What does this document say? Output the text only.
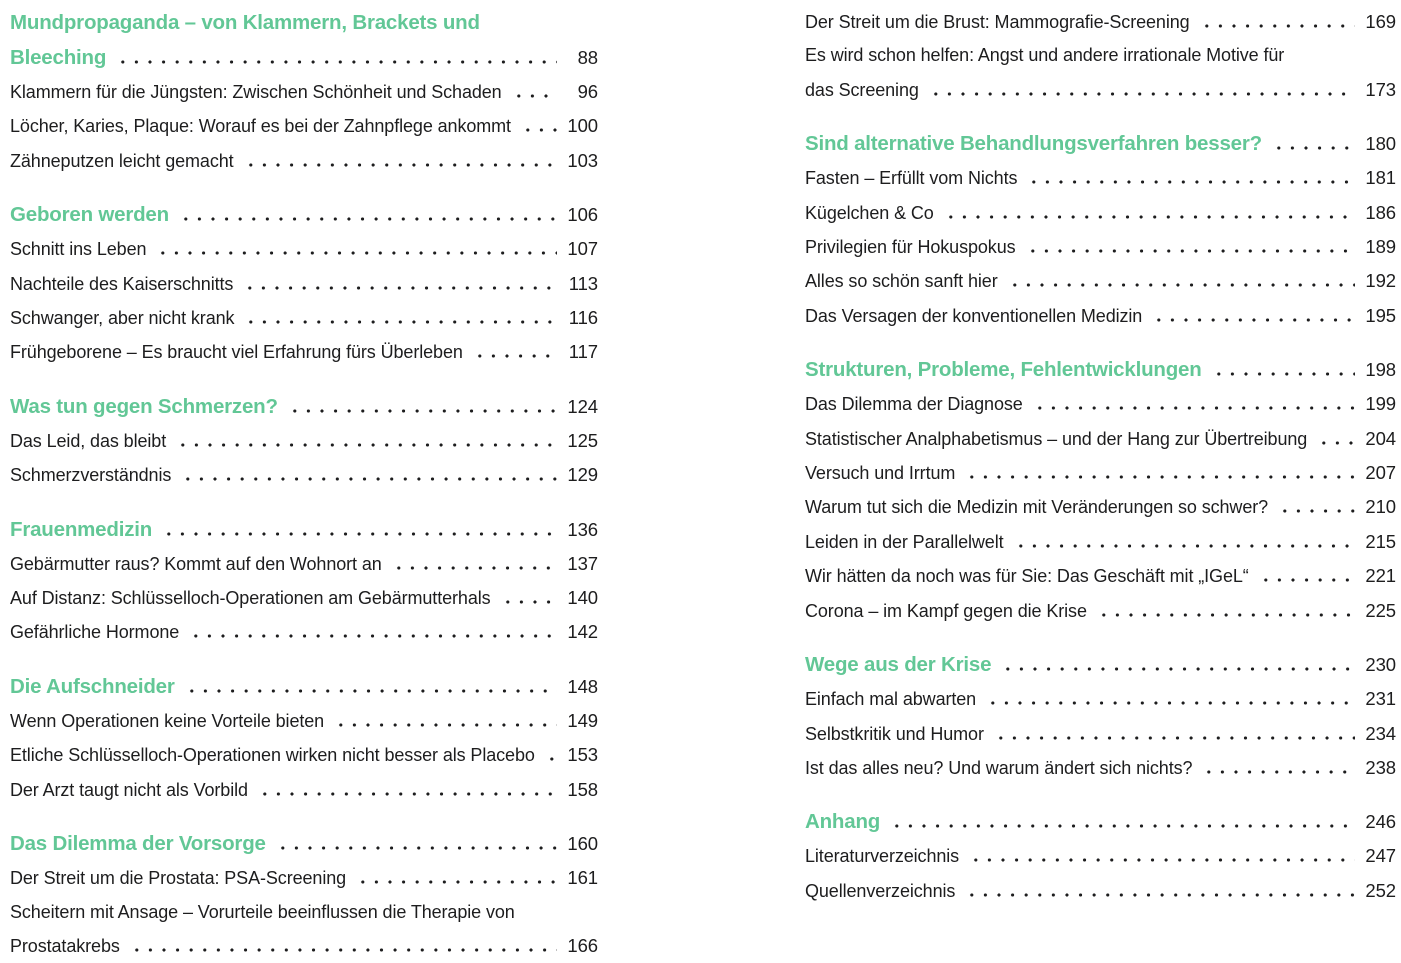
Mundpropaganda – von Klammern, Brackets und
Bleeching	88
Klammern für die Jüngsten: Zwischen Schönheit und Schaden	96
Löcher, Karies, Plaque: Worauf es bei der Zahnpflege ankommt	100
Zähneputzen leicht gemacht	103
Geboren werden	106
Schnitt ins Leben	107
Nachteile des Kaiserschnitts	113
Schwanger, aber nicht krank	116
Frühgeborene – Es braucht viel Erfahrung fürs Überleben	117
Was tun gegen Schmerzen?	124
Das Leid, das bleibt	125
Schmerzverständnis	129
Frauenmedizin	136
Gebärmutter raus? Kommt auf den Wohnort an	137
Auf Distanz: Schlüsselloch-Operationen am Gebärmutterhals	140
Gefährliche Hormone	142
Die Aufschneider	148
Wenn Operationen keine Vorteile bieten	149
Etliche Schlüsselloch-Operationen wirken nicht besser als Placebo 153
Der Arzt taugt nicht als Vorbild	158
Das Dilemma der Vorsorge	160
Der Streit um die Prostata: PSA-Screening	161
Scheitern mit Ansage – Vorurteile beeinflussen die Therapie von
Prostatakrebs	166
Der Streit um die Brust: Mammografie-Screening	169
Es wird schon helfen: Angst und andere irrationale Motive für
das Screening	173
Sind alternative Behandlungsverfahren besser?	180
Fasten – Erfüllt vom Nichts	181
Kügelchen & Co	186
Privilegien für Hokuspokus	189
Alles so schön sanft hier	192
Das Versagen der konventionellen Medizin	195
Strukturen, Probleme, Fehlentwicklungen	198
Das Dilemma der Diagnose	199
Statistischer Analphabetismus – und der Hang zur Übertreibung	204
Versuch und Irrtum	207
Warum tut sich die Medizin mit Veränderungen so schwer?	210
Leiden in der Parallelwelt	215
Wir hätten da noch was für Sie: Das Geschäft mit „IGeL“	221
Corona – im Kampf gegen die Krise	225
Wege aus der Krise	230
Einfach mal abwarten	231
Selbstkritik und Humor	234
Ist das alles neu? Und warum ändert sich nichts?	238
Anhang	246
Literaturverzeichnis	247
Quellenverzeichnis	252
